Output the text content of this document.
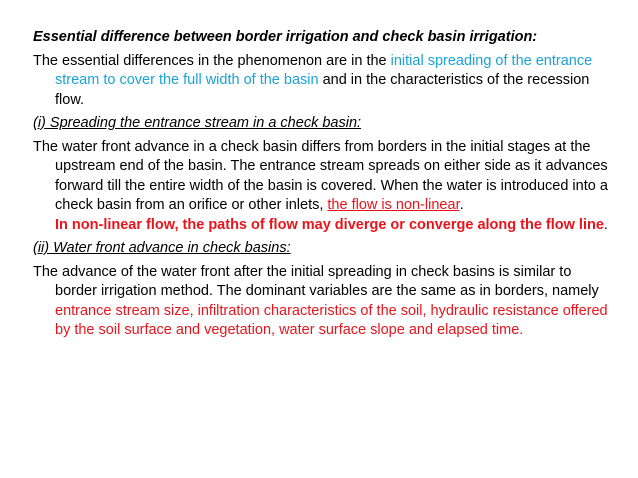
Essential difference between border irrigation and check basin irrigation:

The essential differences in the phenomenon are in the initial spreading of the entrance stream to cover the full width of the basin and in the characteristics of the recession flow.

(i) Spreading the entrance stream in a check basin:

The water front advance in a check basin differs from borders in the initial stages at the upstream end of the basin. The entrance stream spreads on either side as it advances forward till the entire width of the basin is covered. When the water is introduced into a check basin from an orifice or other inlets, the flow is non-linear.
In non-linear flow, the paths of flow may diverge or converge along the flow line.

(ii) Water front advance in check basins:

The advance of the water front after the initial spreading in check basins is similar to border irrigation method. The dominant variables are the same as in borders, namely entrance stream size, infiltration characteristics of the soil, hydraulic resistance offered by the soil surface and vegetation, water surface slope and elapsed time.
